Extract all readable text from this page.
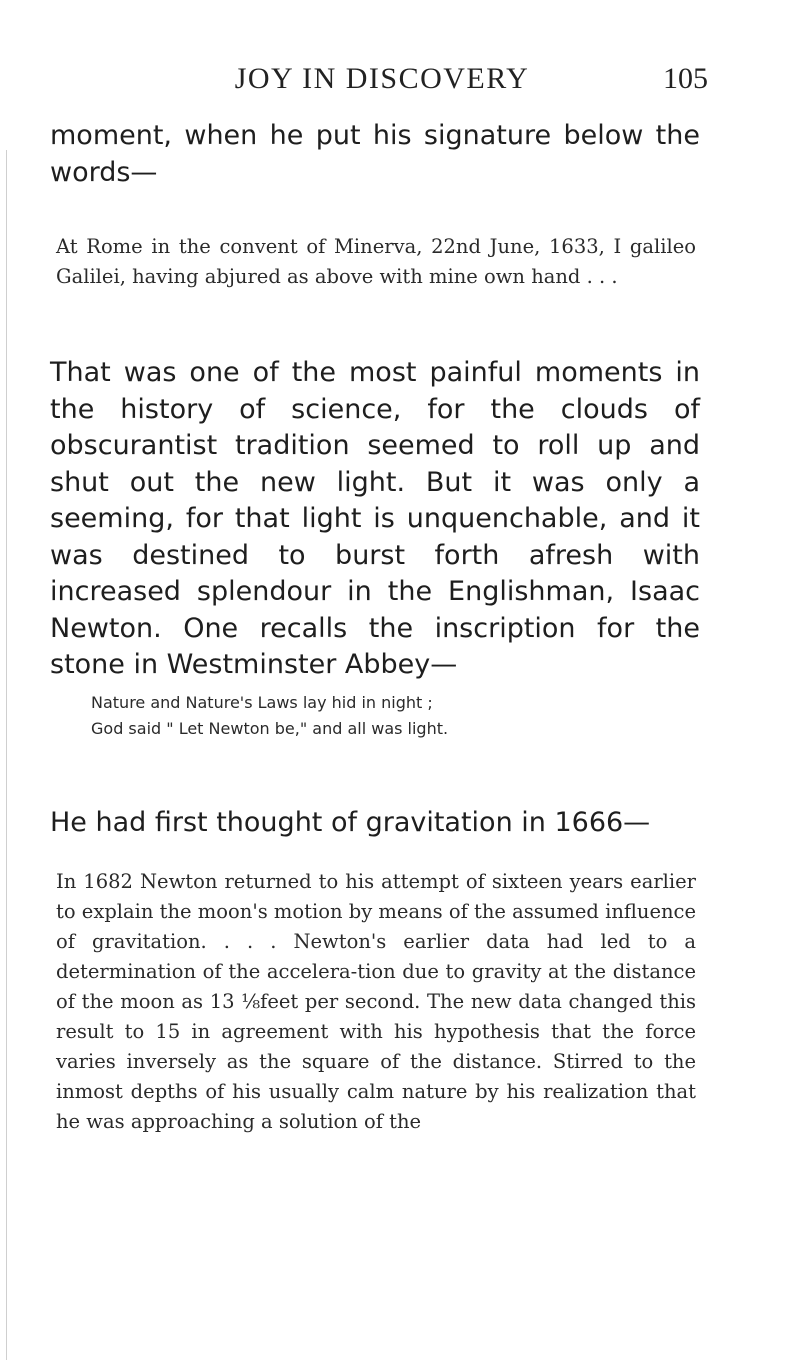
JOY IN DISCOVERY	105

moment, when he put his signature below the words—

At Rome in the convent of Minerva, 22nd June, 1633, I galileo Galilei, having abjured as above with mine own hand . . .

That was one of the most painful moments in the history of science, for the clouds of obscurantist tradition seemed to roll up and shut out the new light. But it was only a seeming, for that light is unquenchable, and it was destined to burst forth afresh with increased splendour in the Englishman, Isaac Newton. One recalls the inscription for the stone in Westminster Abbey—

Nature and Nature's Laws lay hid in night ;
God said " Let Newton be," and all was light.

He had first thought of gravitation in 1666—

In 1682 Newton returned to his attempt of sixteen years earlier to explain the moon's motion by means of the assumed influence of gravitation. . . . Newton's earlier data had led to a determination of the accelera-tion due to gravity at the distance of the moon as 13 ⅛feet per second. The new data changed this result to 15 in agreement with his hypothesis that the force varies inversely as the square of the distance. Stirred to the inmost depths of his usually calm nature by his realization that he was approaching a solution of the
